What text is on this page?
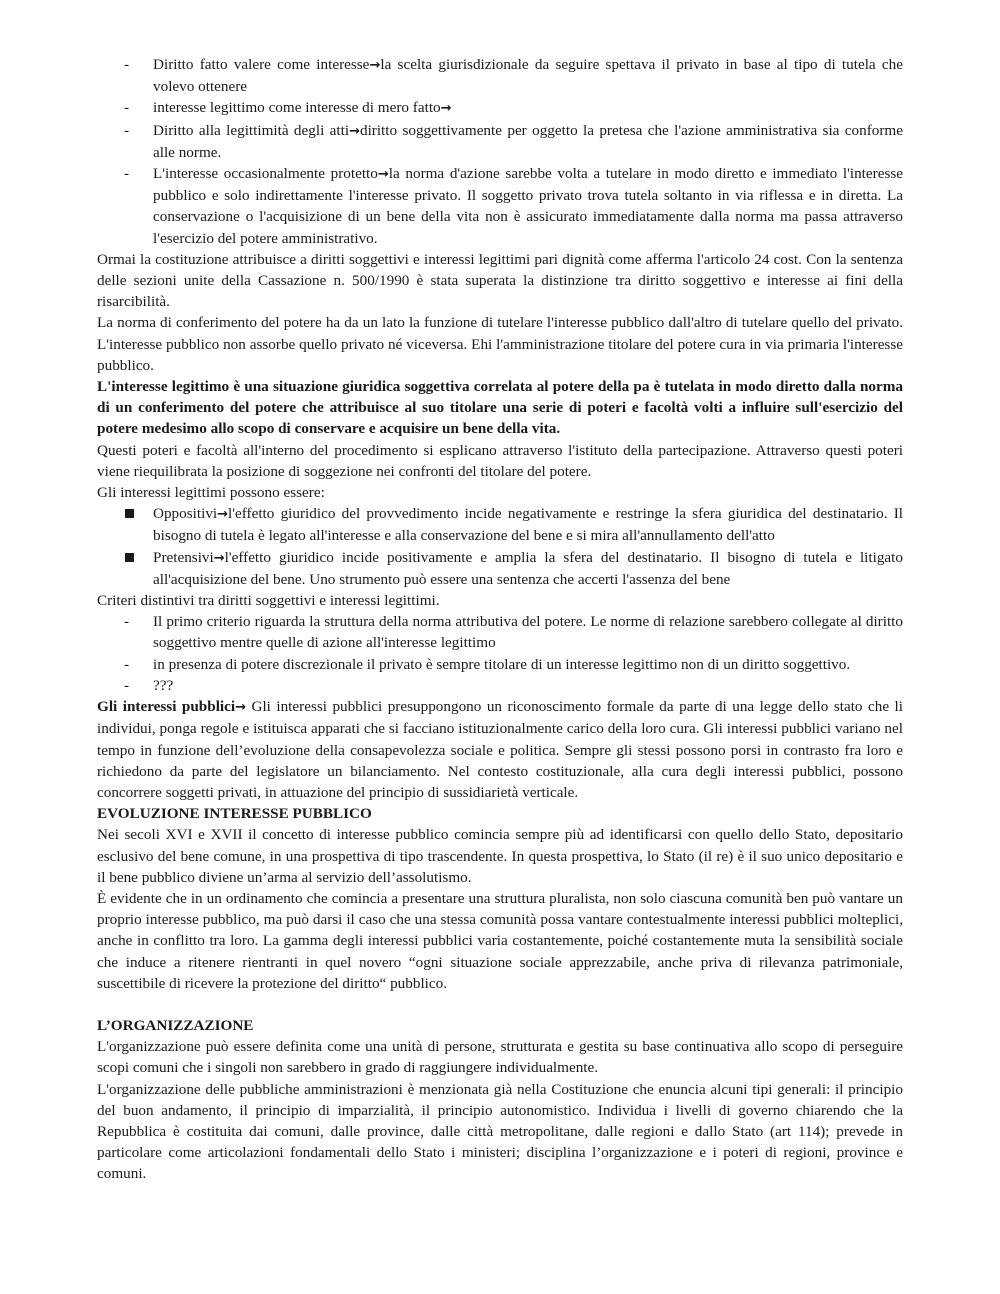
- Diritto fatto valere come interesse→la scelta giurisdizionale da seguire spettava il privato in base al tipo di tutela che volevo ottenere
- interesse legittimo come interesse di mero fatto→
- Diritto alla legittimità degli atti→diritto soggettivamente per oggetto la pretesa che l'azione amministrativa sia conforme alle norme.
- L'interesse occasionalmente protetto→la norma d'azione sarebbe volta a tutelare in modo diretto e immediato l'interesse pubblico e solo indirettamente l'interesse privato. Il soggetto privato trova tutela soltanto in via riflessa e in diretta. La conservazione o l'acquisizione di un bene della vita non è assicurato immediatamente dalla norma ma passa attraverso l'esercizio del potere amministrativo.

Ormai la costituzione attribuisce a diritti soggettivi e interessi legittimi pari dignità come afferma l'articolo 24 cost. Con la sentenza delle sezioni unite della Cassazione n. 500/1990 è stata superata la distinzione tra diritto soggettivo e interesse ai fini della risarcibilità.

La norma di conferimento del potere ha da un lato la funzione di tutelare l'interesse pubblico dall'altro di tutelare quello del privato. L'interesse pubblico non assorbe quello privato né viceversa. Ehi l'amministrazione titolare del potere cura in via primaria l'interesse pubblico.

L'interesse legittimo è una situazione giuridica soggettiva correlata al potere della pa è tutelata in modo diretto dalla norma di un conferimento del potere che attribuisce al suo titolare una serie di poteri e facoltà volti a influire sull'esercizio del potere medesimo allo scopo di conservare e acquisire un bene della vita.

Questi poteri e facoltà all'interno del procedimento si esplicano attraverso l'istituto della partecipazione. Attraverso questi poteri viene riequilibrata la posizione di soggezione nei confronti del titolare del potere.

Gli interessi legittimi possono essere:

Oppositivi→l'effetto giuridico del provvedimento incide negativamente e restringe la sfera giuridica del destinatario. Il bisogno di tutela è legato all'interesse e alla conservazione del bene e si mira all'annullamento dell'atto
Pretensivi→l'effetto giuridico incide positivamente e amplia la sfera del destinatario. Il bisogno di tutela e litigato all'acquisizione del bene. Uno strumento può essere una sentenza che accerti l'assenza del bene

Criteri distintivi tra diritti soggettivi e interessi legittimi.

- Il primo criterio riguarda la struttura della norma attributiva del potere. Le norme di relazione sarebbero collegate al diritto soggettivo mentre quelle di azione all'interesse legittimo
- in presenza di potere discrezionale il privato è sempre titolare di un interesse legittimo non di un diritto soggettivo.
- ???

Gli interessi pubblici→ Gli interessi pubblici presuppongono un riconoscimento formale da parte di una legge dello stato che li individui, ponga regole e istituisca apparati che si facciano istituzionalmente carico della loro cura. Gli interessi pubblici variano nel tempo in funzione dell’evoluzione della consapevolezza sociale e politica. Sempre gli stessi possono porsi in contrasto fra loro e richiedono da parte del legislatore un bilanciamento. Nel contesto costituzionale, alla cura degli interessi pubblici, possono concorrere soggetti privati, in attuazione del principio di sussidiarietà verticale.

EVOLUZIONE INTERESSE PUBBLICO

Nei secoli XVI e XVII il concetto di interesse pubblico comincia sempre più ad identificarsi con quello dello Stato, depositario esclusivo del bene comune, in una prospettiva di tipo trascendente. In questa prospettiva, lo Stato (il re) è il suo unico depositario e il bene pubblico diviene un’arma al servizio dell’assolutismo.

È evidente che in un ordinamento che comincia a presentare una struttura pluralista, non solo ciascuna comunità ben può vantare un proprio interesse pubblico, ma può darsi il caso che una stessa comunità possa vantare contestualmente interessi pubblici molteplici, anche in conflitto tra loro. La gamma degli interessi pubblici varia costantemente, poiché costantemente muta la sensibilità sociale che induce a ritenere rientranti in quel novero “ogni situazione sociale apprezzabile, anche priva di rilevanza patrimoniale, suscettibile di ricevere la protezione del diritto“ pubblico.

L’ORGANIZZAZIONE

L'organizzazione può essere definita come una unità di persone, strutturata e gestita su base continuativa allo scopo di perseguire scopi comuni che i singoli non sarebbero in grado di raggiungere individualmente.

L'organizzazione delle pubbliche amministrazioni è menzionata già nella Costituzione che enuncia alcuni tipi generali: il principio del buon andamento, il principio di imparzialità, il principio autonomistico. Individua i livelli di governo chiarendo che la Repubblica è costituita dai comuni, dalle province, dalle città metropolitane, dalle regioni e dallo Stato (art 114); prevede in particolare come articolazioni fondamentali dello Stato i ministeri; disciplina l’organizzazione e i poteri di regioni, province e comuni.
